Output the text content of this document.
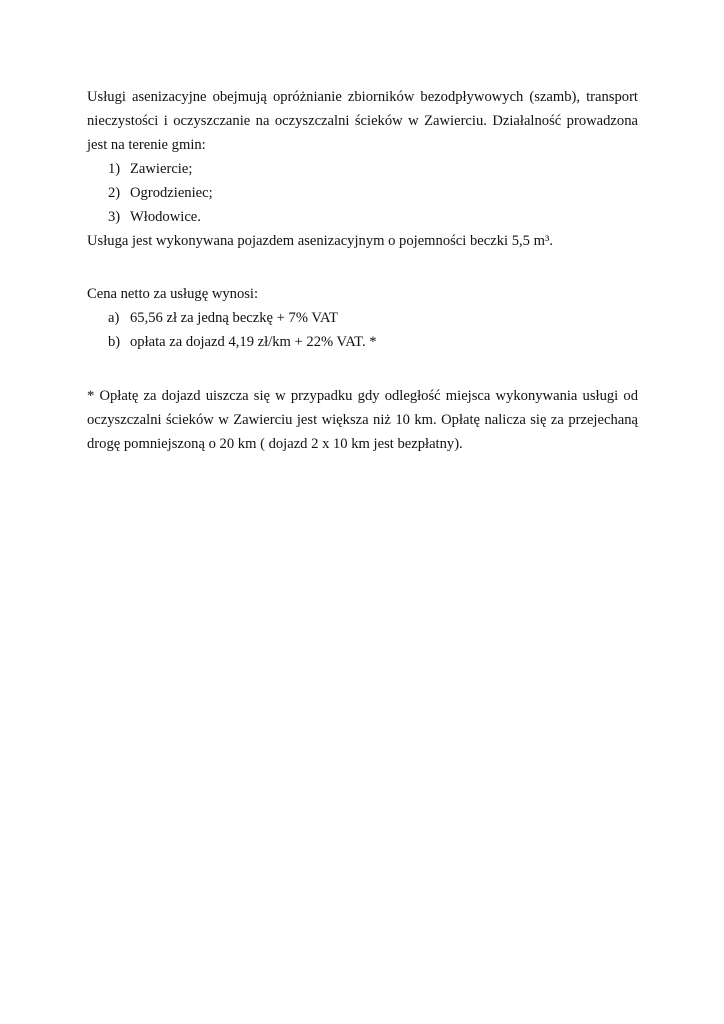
Usługi asenizacyjne obejmują opróżnianie zbiorników bezodpływowych (szamb), transport
nieczystości i oczyszczanie na oczyszczalni ścieków w Zawierciu. Działalność prowadzona
jest na terenie gmin:
1) Zawiercie;
2) Ogrodzieniec;
3) Włodowice.
Usługa jest wykonywana pojazdem asenizacyjnym o pojemności beczki 5,5 m³.
Cena netto za usługę wynosi:
a) 65,56 zł za jedną beczkę + 7% VAT
b) opłata za dojazd 4,19 zł/km + 22% VAT. *
* Opłatę za dojazd uiszcza się w przypadku gdy odległość miejsca wykonywania usługi od
oczyszczalni ścieków w Zawierciu jest większa niż 10 km. Opłatę nalicza się za przejechaną
drogę pomniejszoną o 20 km ( dojazd 2 x 10 km jest bezpłatny).
